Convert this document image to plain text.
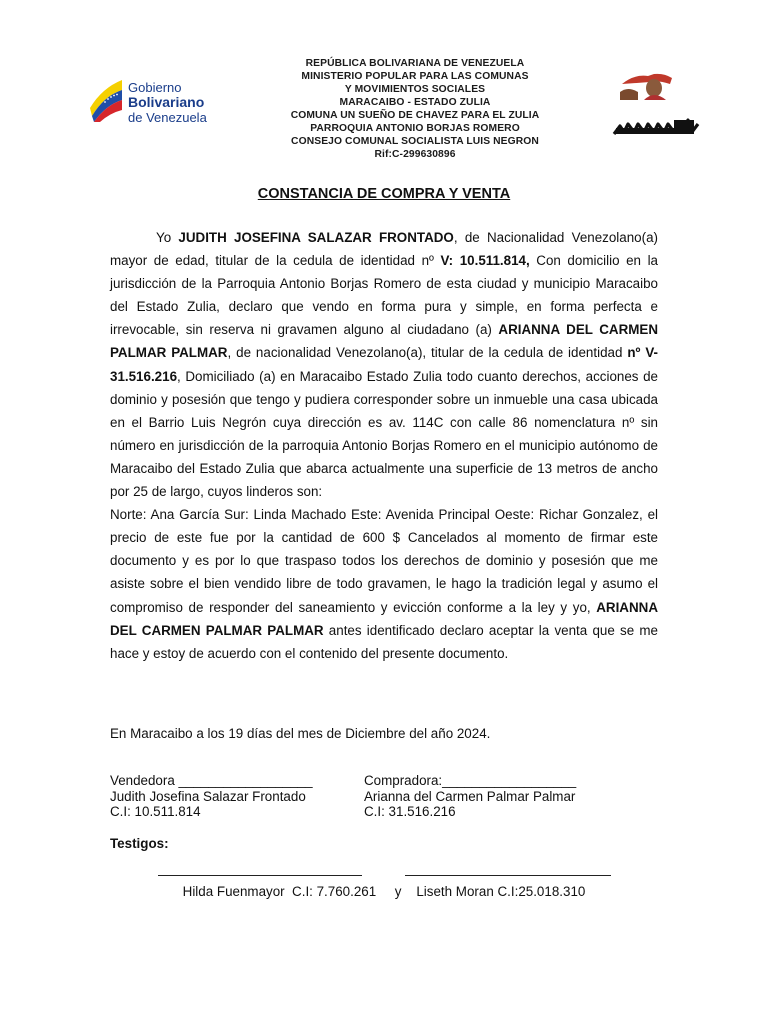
Gobierno
Bolivariano
de Venezuela
REPÚBLICA BOLIVARIANA DE VENEZUELA
MINISTERIO POPULAR PARA LAS COMUNAS
Y MOVIMIENTOS SOCIALES
MARACAIBO - ESTADO ZULIA
COMUNA UN SUEÑO DE CHAVEZ PARA EL ZULIA
PARROQUIA ANTONIO BORJAS ROMERO
CONSEJO COMUNAL SOCIALISTA LUIS NEGRON
Rif:C-299630896
CONSTANCIA DE COMPRA Y VENTA

Yo JUDITH JOSEFINA SALAZAR FRONTADO, de Nacionalidad Venezolano(a) mayor de edad, titular de la cedula de identidad nº V: 10.511.814, Con domicilio en la jurisdicción de la Parroquia Antonio Borjas Romero de esta ciudad y municipio Maracaibo del Estado Zulia, declaro que vendo en forma pura y simple, en forma perfecta e irrevocable, sin reserva ni gravamen alguno al ciudadano (a) ARIANNA DEL CARMEN PALMAR PALMAR, de nacionalidad Venezolano(a), titular de la cedula de identidad nº V- 31.516.216, Domiciliado (a) en Maracaibo Estado Zulia todo cuanto derechos, acciones de dominio y posesión que tengo y pudiera corresponder sobre un inmueble una casa ubicada en el Barrio Luis Negrón cuya dirección es av. 114C con calle 86 nomenclatura nº sin número en jurisdicción de la parroquia Antonio Borjas Romero en el municipio autónomo de Maracaibo del Estado Zulia que abarca actualmente una superficie de 13 metros de ancho por 25 de largo, cuyos linderos son:

Norte: Ana García Sur: Linda Machado Este: Avenida Principal Oeste: Richar Gonzalez, el precio de este fue por la cantidad de 600 $ Cancelados al momento de firmar este documento y es por lo que traspaso todos los derechos de dominio y posesión que me asiste sobre el bien vendido libre de todo gravamen, le hago la tradición legal y asumo el compromiso de responder del saneamiento y evicción conforme a la ley y yo, ARIANNA DEL CARMEN PALMAR PALMAR antes identificado declaro aceptar la venta que se me hace y estoy de acuerdo con el contenido del presente documento.

En Maracaibo a los 19 días del mes de Diciembre del año 2024.
Vendedora __________________
Judith Josefina Salazar Frontado
C.I: 10.511.814
Compradora:__________________
Arianna del Carmen Palmar Palmar
C.I: 31.516.216
Testigos:
Hilda Fuenmayor  C.I: 7.760.261     y    Liseth Moran C.I:25.018.310
